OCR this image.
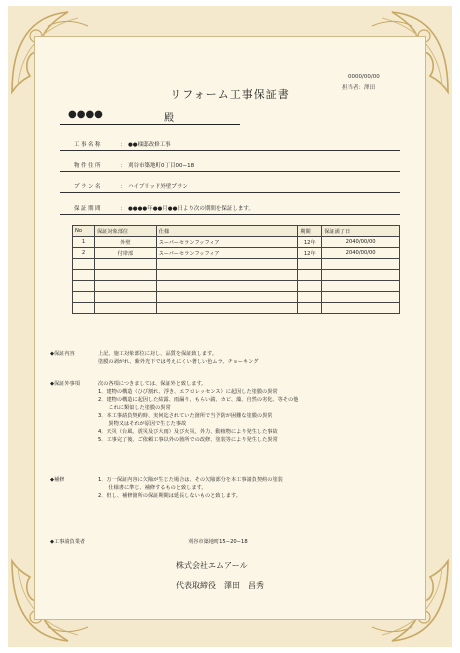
0000/00/00
担当者：澤田
リフォーム工事保証書
●●●●	殿
工事名称	： ●●様邸改修工事
物件住所	： 刈谷市築地町0丁目00−18
プラン名	： ハイブリッド外壁プラン
保証期間	： ●●●●年●●月●●日より次の期間を保証します。
No	保証対象部位	仕様	期間	保証満了日
1	外壁	スーパーセランフッフィア	12年	2040/00/00
2	付帯部	スーパーセランフッフィア	12年	2040/00/00

◆保証内容	上記、施工対象部位に対し、品質を保証致します。
塗膜の剥がれ、紫外光下では考えにくい著しい色ムラ、チョーキング
◆保証外事項	次の各項につきましては、保証外と致します。
1．建物の構造（ひび割れ、浮き、エフロレッセンス）に起因した塗膜の異常
2．建物の構造に起因した結露、雨漏り、もらい錆、カビ、藻、自然の劣化、等その他
　　これに類似した塗膜の異常
3．本工事請負契約時、実何迄されていた箇所で当予防が困難な塗膜の異常
　　異物又はそれが原因で生じた事故
4．天災（台風、震災及び大雨）及び火災、外力、動植物により発生した事故
5．工事完了後、ご依頼工事以外の箇所での改修、塗装等により発生した異常
◆補修	1．万一保証内容に欠陥が生じた場合は、その欠陥部分を本工事請負契約の塗装
　　仕様書に準じ、補修するものと致します。
2．但し、補修箇所の保証期間は延長しないものと致します。
◆工事請負業者	刈谷市築地町15−20−18
株式会社エムアール
代表取締役　澤田　昌秀
